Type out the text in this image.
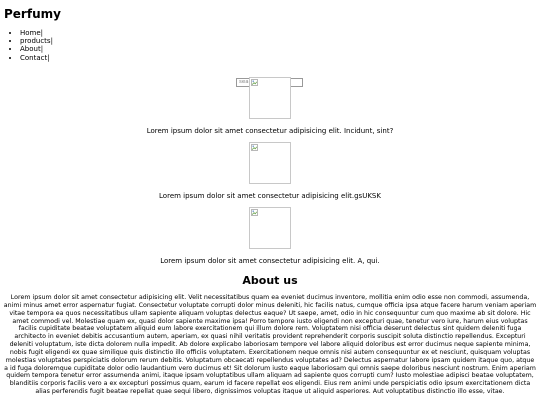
Perfumy
• Home|
• products|
• About|
• Contact|
search
Lorem ipsum dolor sit amet consectetur adipisicing elit. Incidunt, sint?
Lorem ipsum dolor sit amet consectetur adipisicing elit.gsUKSK
Lorem ipsum dolor sit amet consectetur adipisicing elit. A, qui.
About us

Lorem ipsum dolor sit amet consectetur adipisicing elit. Velit necessitatibus quam ea eveniet ducimus inventore, mollitia enim odio esse non commodi, assumenda, animi minus amet error aspernatur fugiat. Consectetur voluptate corrupti dolor minus deleniti, hic facilis natus, cumque officia ipsa atque facere harum veniam aperiam vitae tempora ea quos necessitatibus ullam sapiente aliquam voluptas delectus eaque? Ut saepe, amet, odio in hic consequuntur cum quo maxime ab sit dolore. Hic amet commodi vel. Molestiae quam ex, quasi dolor sapiente maxime ipsa! Porro tempore iusto eligendi non excepturi quae, tenetur vero iure, harum eius voluptas facilis cupiditate beatae voluptatem aliquid eum labore exercitationem qui illum dolore rem. Voluptatem nisi officia deserunt delectus sint quidem deleniti fuga architecto in eveniet debitis accusantium autem, aperiam, ex quasi nihil veritatis provident reprehenderit corporis suscipit soluta distinctio repellendus. Excepturi deleniti voluptatum, iste dicta dolorem nulla impedit. Ab dolore explicabo laboriosam tempore vel labore aliquid doloribus est error ducimus neque sapiente minima, nobis fugit eligendi ex quae similique quis distinctio illo officiis voluptatem. Exercitationem neque omnis nisi autem consequuntur ex et nesciunt, quisquam voluptas molestias voluptates perspiciatis dolorum rerum debitis. Voluptatum obcaecati repellendus voluptates ad? Delectus aspernatur labore ipsam quidem itaque quo, atque a id fuga doloremque cupiditate dolor odio laudantium vero ducimus et! Sit dolorum iusto eaque laboriosam qui omnis saepe doloribus nesciunt nostrum. Enim aperiam quidem tempora tenetur error assumenda animi, itaque ipsam voluptatibus ullam aliquam ad sapiente quos corrupti cum? Iusto molestiae adipisci beatae voluptatem, blanditiis corporis facilis vero a ex excepturi possimus quam, earum id facere repellat eos eligendi. Eius rem animi unde perspiciatis odio ipsum exercitationem dicta alias perferendis fugit beatae repellat quae sequi libero, dignissimos voluptas itaque ut aliquid asperiores. Aut voluptatibus distinctio illo esse, vitae.
